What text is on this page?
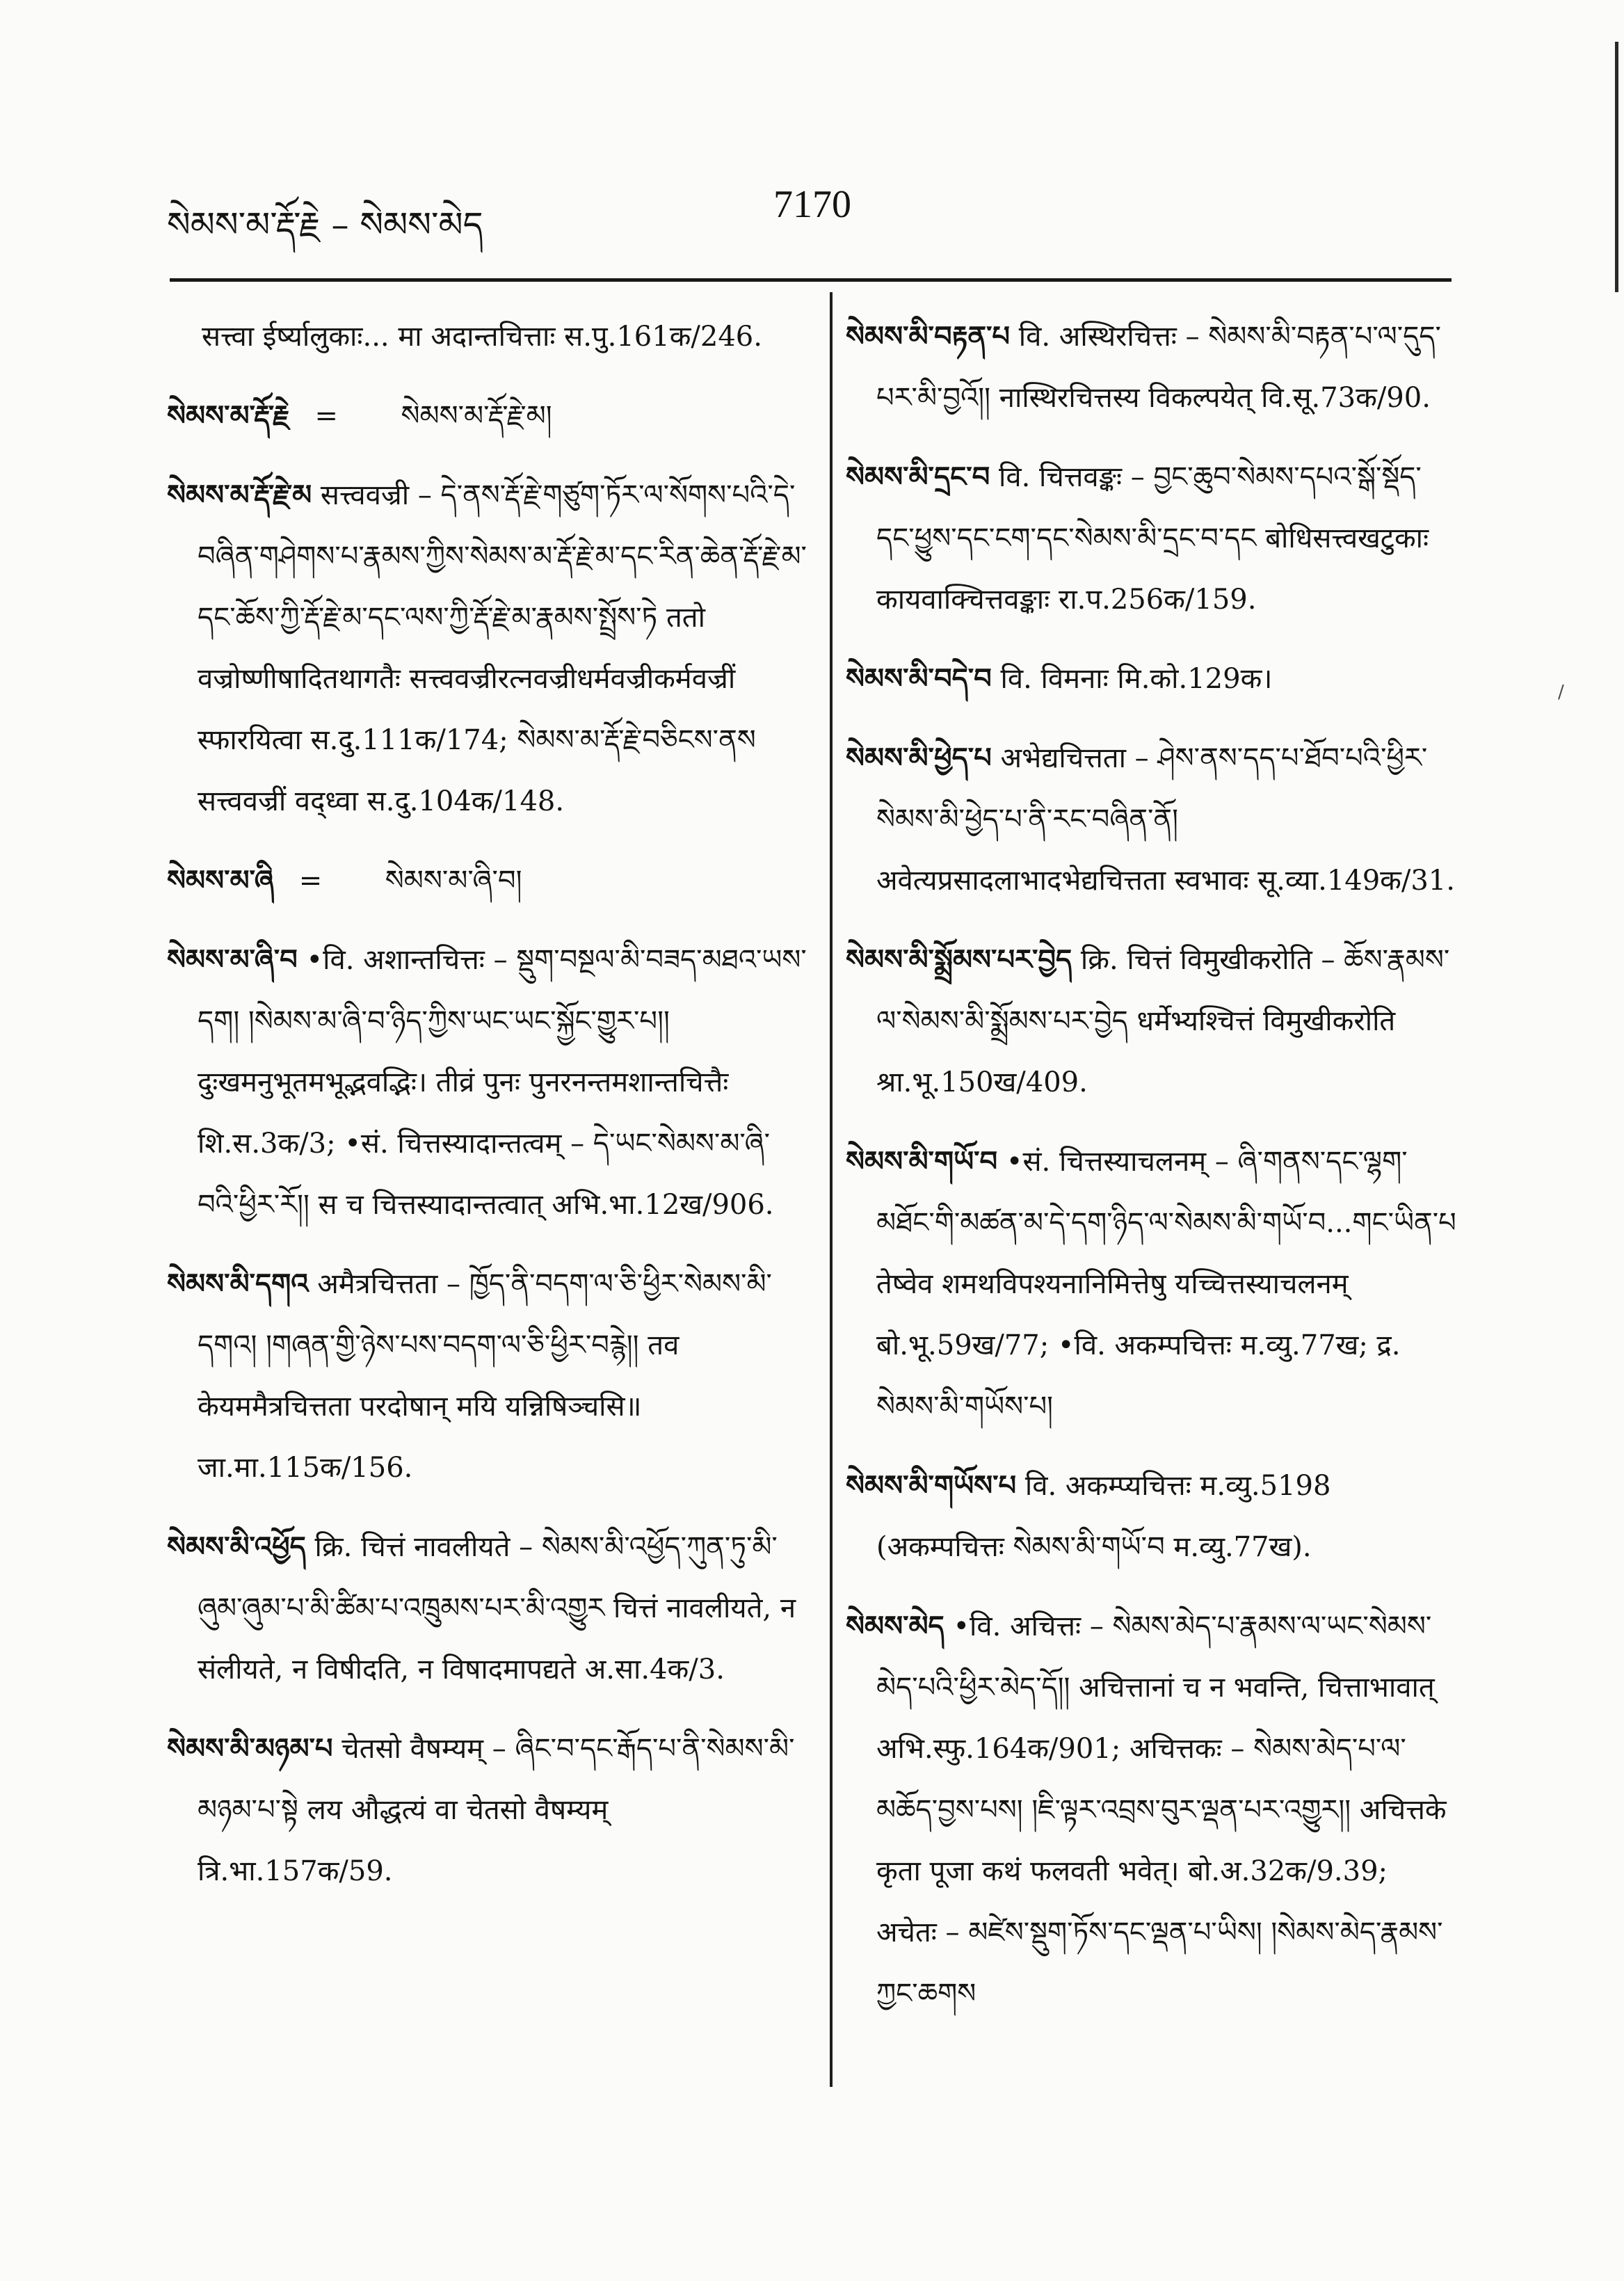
སེམས་མ་རྡོ་རྗེ – སེམས་མེད	7170
/

सत्त्वा ईर्ष्यालुकाः... मा अदान्तचित्ताः स.पु.161क/246.

སེམས་མ་རྡོ་རྗེ = སེམས་མ་རྡོ་རྗེ་མ།

སེམས་མ་རྡོ་རྗེ་མ सत्त्ववज्री – དེ་ནས་རྡོ་རྗེ་གཙུག་ཏོར་ལ་སོགས་པའི་དེ་བཞིན་གཤེགས་པ་རྣམས་ཀྱིས་སེམས་མ་རྡོ་རྗེ་མ་དང་རིན་ཆེན་རྡོ་རྗེ་མ་དང་ཆོས་ཀྱི་རྡོ་རྗེ་མ་དང་ལས་ཀྱི་རྡོ་རྗེ་མ་རྣམས་སྤྲོས་ཏེ ततो वज्रोष्णीषादितथागतैः सत्त्ववज्रीरत्नवज्रीधर्मवज्रीकर्मवज्रीं स्फारयित्वा स.दु.111क/174; སེམས་མ་རྡོ་རྗེ་བཅིངས་ནས सत्त्ववज्रीं वद्ध्वा स.दु.104क/148.

སེམས་མ་ཞི = སེམས་མ་ཞི་བ།

སེམས་མ་ཞི་བ •वि. अशान्तचित्तः – སྡུག་བསྔལ་མི་བཟད་མཐའ་ཡས་དག། །སེམས་མ་ཞི་བ་ཉིད་ཀྱིས་ཡང་ཡང་སྐྱོང་གྱུར་པ།། दुःखमनुभूतमभूद्भवद्भिः। तीव्रं पुनः पुनरनन्तमशान्तचित्तैः शि.स.3क/3; •सं. चित्तस्यादान्तत्वम् – དེ་ཡང་སེམས་མ་ཞི་བའི་ཕྱིར་རོ།། स च चित्तस्यादान्तत्वात् अभि.भा.12ख/906.

སེམས་མི་དགའ अमैत्रचित्तता – ཁྱོད་ནི་བདག་ལ་ཅི་ཕྱིར་སེམས་མི་དགའ། །གཞན་གྱི་ཉེས་པས་བདག་ལ་ཅི་ཕྱིར་བརྙེ།། तव केयममैत्रचित्तता परदोषान् मयि यन्निषिञ्चसि॥ जा.मा.115क/156.

སེམས་མི་འཕྱོད क्रि. चित्तं नावलीयते – སེམས་མི་འཕྱོད་ཀུན་ཏུ་མི་ཞུམ་ཞུམ་པ་མི་ཚིམ་པ་འཁྲུམས་པར་མི་འགྱུར चित्तं नावलीयते, न संलीयते, न विषीदति, न विषादमापद्यते अ.सा.4क/3.

སེམས་མི་མཉམ་པ चेतसो वैषम्यम् – ཞིང་བ་དང་རྒོད་པ་ནི་སེམས་མི་མཉམ་པ་སྟེ लय औद्धत्यं वा चेतसो वैषम्यम् त्रि.भा.157क/59.

སེམས་མི་བརྟན་པ वि. अस्थिरचित्तः – སེམས་མི་བརྟན་པ་ལ་དུད་པར་མི་བྱའོ།། नास्थिरचित्तस्य विकल्पयेत् वि.सू.73क/90.

སེམས་མི་དྲང་བ वि. चित्तवङ्कः – བྱང་ཆུབ་སེམས་དཔའ་སྒོ་སྡོད་དང་ཕྱུས་དང་ངག་དང་སེམས་མི་དྲང་བ་དང बोधिसत्त्वखटुकाः कायवाक्चित्तवङ्काः रा.प.256क/159.

སེམས་མི་བདེ་བ वि. विमनाः मि.को.129क।

སེམས་མི་ཕྱེད་པ अभेद्यचित्तता – ཤེས་ནས་དད་པ་ཐོབ་པའི་ཕྱིར་སེམས་མི་ཕྱེད་པ་ནི་རང་བཞིན་ནོ། अवेत्यप्रसादलाभादभेद्यचित्तता स्वभावः सू.व्या.149क/31.

སེམས་མི་སྨྲོམས་པར་བྱེད क्रि. चित्तं विमुखीकरोति – ཆོས་རྣམས་ལ་སེམས་མི་སྨྲོམས་པར་བྱེད धर्मेभ्यश्चित्तं विमुखीकरोति श्रा.भू.150ख/409.

སེམས་མི་གཡོ་བ •सं. चित्तस्याचलनम् – ཞི་གནས་དང་ལྷག་མཐོང་གི་མཚན་མ་དེ་དག་ཉིད་ལ་སེམས་མི་གཡོ་བ...གང་ཡིན་པ तेष्वेव शमथविपश्यनानिमित्तेषु यच्चित्तस्याचलनम् बो.भू.59ख/77; •वि. अकम्पचित्तः म.व्यु.77ख; द्र. སེམས་མི་གཡོས་པ།

སེམས་མི་གཡོས་པ वि. अकम्प्यचित्तः म.व्यु.5198 (अकम्पचित्तः སེམས་མི་གཡོ་བ म.व्यु.77ख).

སེམས་མེད •वि. अचित्तः – སེམས་མེད་པ་རྣམས་ལ་ཡང་སེམས་མེད་པའི་ཕྱིར་མེད་དོ།། अचित्तानां च न भवन्ति, चित्ताभावात् अभि.स्फु.164क/901; अचित्तकः – སེམས་མེད་པ་ལ་མཆོད་བྱས་པས། །ཇི་ལྟར་འབྲས་བུར་ལྡན་པར་འགྱུར།། अचित्तके कृता पूजा कथं फलवती भवेत्। बो.अ.32क/9.39; अचेतः – མཛེས་སྡུག་ཏོས་དང་ལྡན་པ་ཡིས། །སེམས་མེད་རྣམས་ཀྱང་ཆགས
